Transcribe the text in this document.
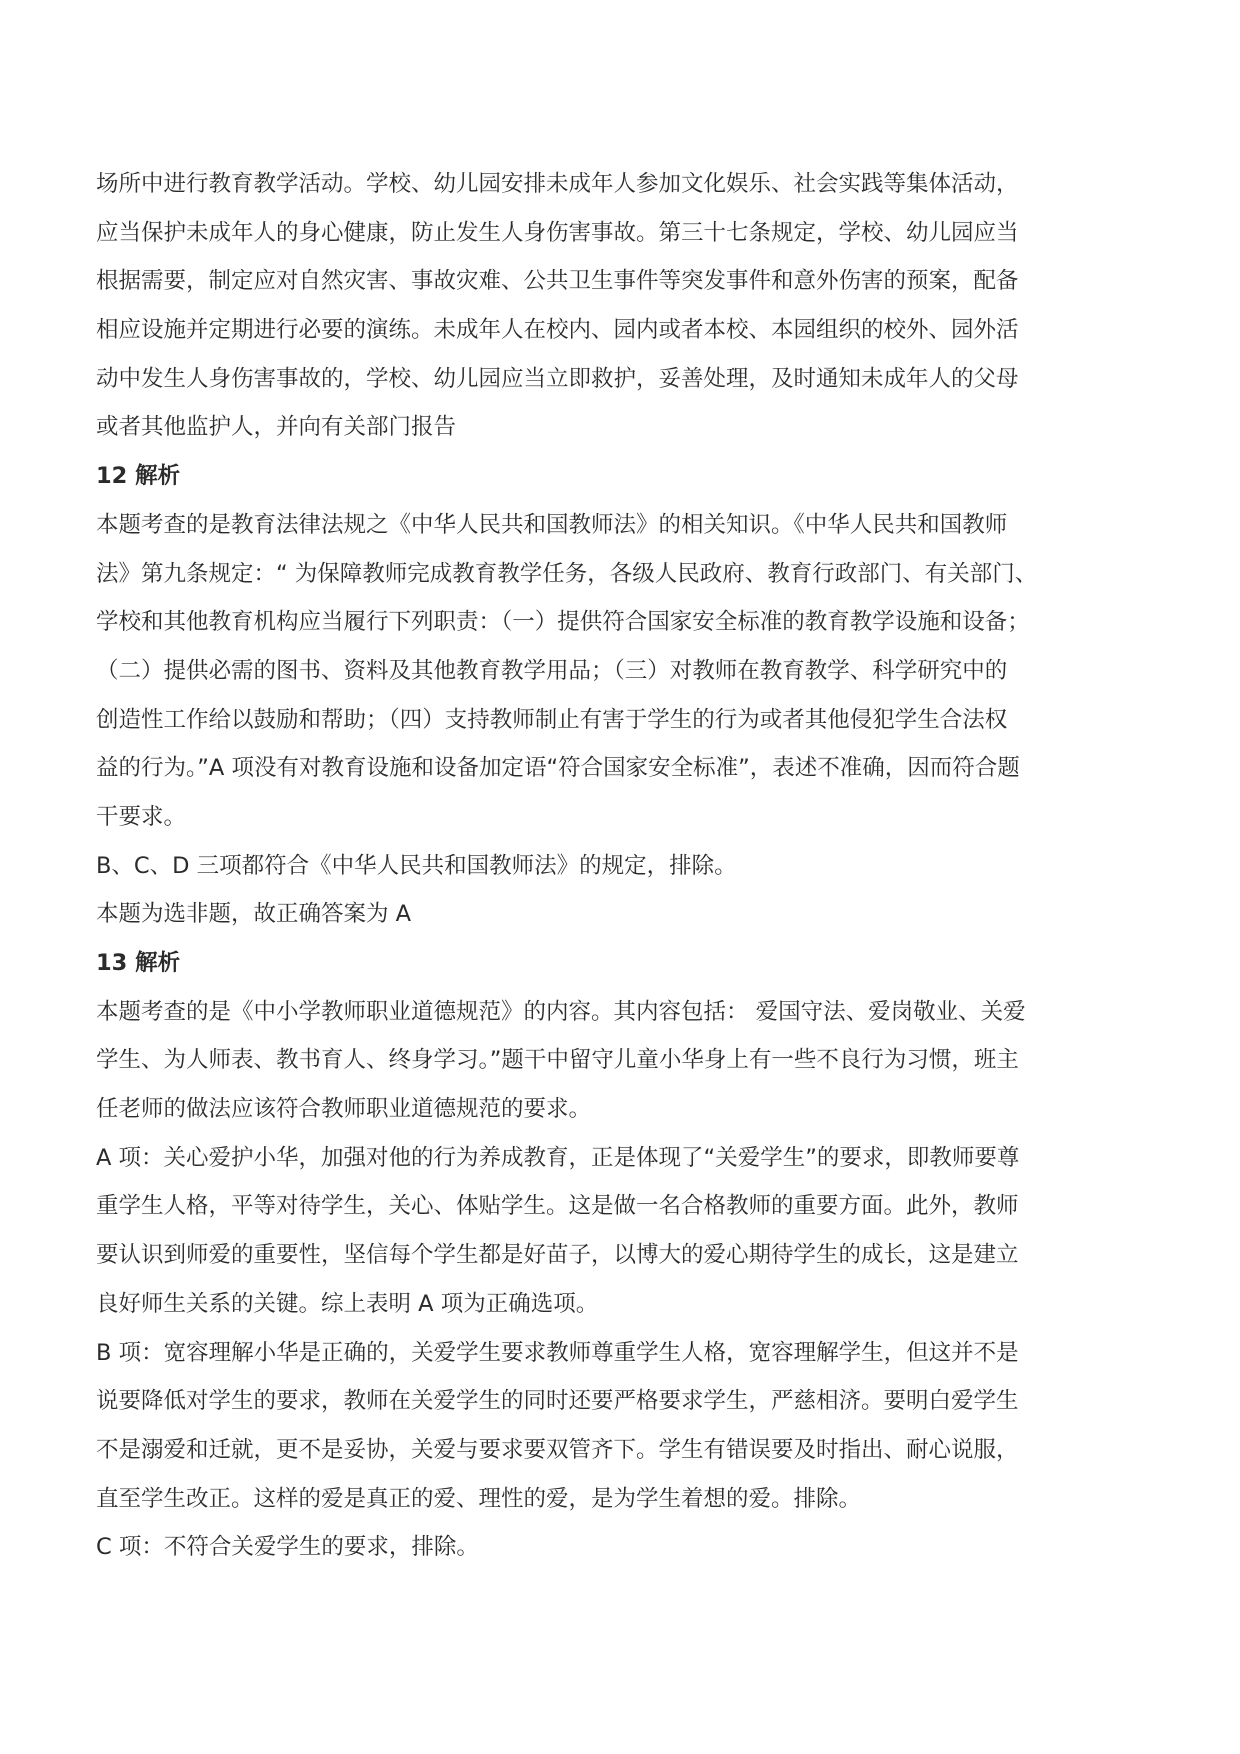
场所中进行教育教学活动。学校、幼儿园安排未成年人参加文化娱乐、社会实践等集体活动，
应当保护未成年人的身心健康，防止发生人身伤害事故。第三十七条规定，学校、幼儿园应当
根据需要，制定应对自然灾害、事故灾难、公共卫生事件等突发事件和意外伤害的预案，配备
相应设施并定期进行必要的演练。未成年人在校内、园内或者本校、本园组织的校外、园外活
动中发生人身伤害事故的，学校、幼儿园应当立即救护，妥善处理，及时通知未成年人的父母
或者其他监护人，并向有关部门报告
12 解析
本题考查的是教育法律法规之《中华人民共和国教师法》的相关知识。《中华人民共和国教师
法》第九条规定：“ 为保障教师完成教育教学任务，各级人民政府、教育行政部门、有关部门、
学校和其他教育机构应当履行下列职责：（一）提供符合国家安全标准的教育教学设施和设备；
（二）提供必需的图书、资料及其他教育教学用品；（三）对教师在教育教学、科学研究中的
创造性工作给以鼓励和帮助；（四）支持教师制止有害于学生的行为或者其他侵犯学生合法权
益的行为。”A 项没有对教育设施和设备加定语“符合国家安全标准”，表述不准确，因而符合题
干要求。
B、C、D 三项都符合《中华人民共和国教师法》的规定，排除。
本题为选非题，故正确答案为 A
13 解析
本题考查的是《中小学教师职业道德规范》的内容。其内容包括： 爱国守法、爱岗敬业、关爱
学生、为人师表、教书育人、终身学习。”题干中留守儿童小华身上有一些不良行为习惯，班主
任老师的做法应该符合教师职业道德规范的要求。
A 项：关心爱护小华，加强对他的行为养成教育，正是体现了“关爱学生”的要求，即教师要尊
重学生人格，平等对待学生，关心、体贴学生。这是做一名合格教师的重要方面。此外，教师
要认识到师爱的重要性，坚信每个学生都是好苗子，以博大的爱心期待学生的成长，这是建立
良好师生关系的关键。综上表明 A 项为正确选项。
B 项：宽容理解小华是正确的，关爱学生要求教师尊重学生人格，宽容理解学生，但这并不是
说要降低对学生的要求，教师在关爱学生的同时还要严格要求学生，严慈相济。要明白爱学生
不是溺爱和迁就，更不是妥协，关爱与要求要双管齐下。学生有错误要及时指出、耐心说服，
直至学生改正。这样的爱是真正的爱、理性的爱，是为学生着想的爱。排除。
C 项：不符合关爱学生的要求，排除。
